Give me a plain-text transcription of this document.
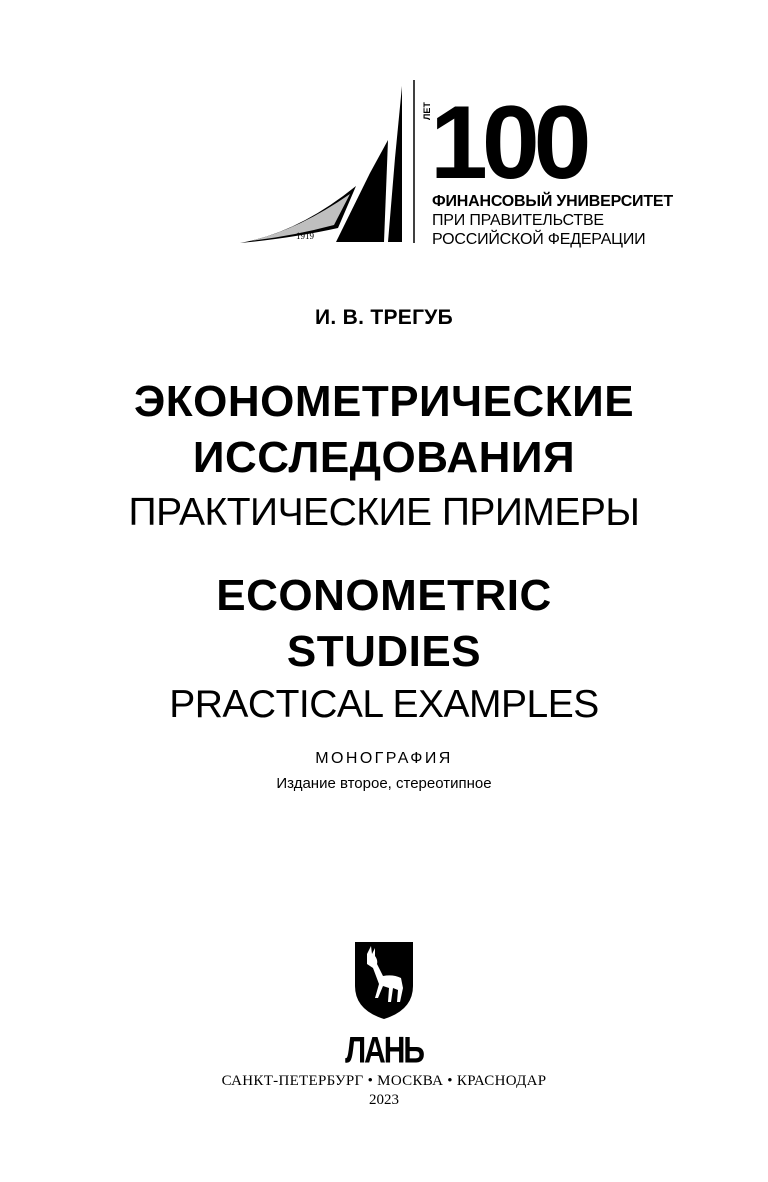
1919
ЛЕТ
100
ФИНАНСОВЫЙ УНИВЕРСИТЕТ
ПРИ ПРАВИТЕЛЬСТВЕ
РОССИЙСКОЙ ФЕДЕРАЦИИ
И. В. ТРЕГУБ
ЭКОНОМЕТРИЧЕСКИЕ
ИССЛЕДОВАНИЯ
ПРАКТИЧЕСКИЕ ПРИМЕРЫ
ECONOMETRIC
STUDIES
PRACTICAL EXAMPLES
МОНОГРАФИЯ
Издание второе, стереотипное
ЛАНЬ
САНКТ-ПЕТЕРБУРГ • МОСКВА • КРАСНОДАР
2023
